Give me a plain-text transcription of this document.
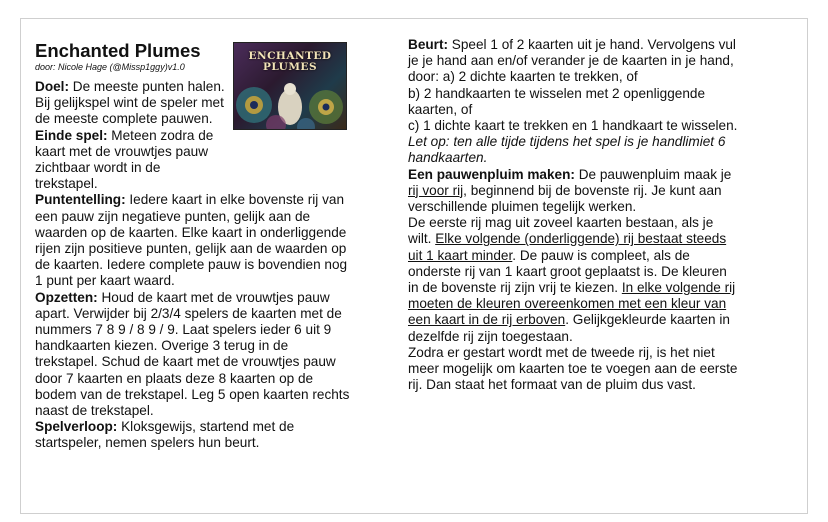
ENCHANTED
PLUMES
Enchanted Plumes
door: Nicole Hage (@Missp1ggy)v1.0

Doel: De meeste punten halen. Bij gelijkspel wint de speler met de meeste complete pauwen. Einde spel: Meteen zodra de kaart met de vrouwtjes pauw zichtbaar wordt in de trekstapel.

Puntentelling: Iedere kaart in elke bovenste rij van een pauw zijn negatieve punten, gelijk aan de waarden op de kaarten. Elke kaart in onderliggende rijen zijn positieve punten, gelijk aan de waarden op de kaarten. Iedere complete pauw is bovendien nog 1 punt per kaart waard.

Opzetten: Houd de kaart met de vrouwtjes pauw apart. Verwijder bij 2/3/4 spelers de kaarten met de nummers 7 8 9 / 8 9 / 9. Laat spelers ieder 6 uit 9 handkaarten kiezen. Overige 3 terug in de trekstapel. Schud de kaart met de vrouwtjes pauw door 7 kaarten en plaats deze 8 kaarten op de bodem van de trekstapel. Leg 5 open kaarten rechts naast de trekstapel.

Spelverloop: Kloksgewijs, startend met de startspeler, nemen spelers hun beurt.

Beurt: Speel 1 of 2 kaarten uit je hand. Vervolgens vul je je hand aan en/of verander je de kaarten in je hand, door: a) 2 dichte kaarten te trekken, of

b) 2 handkaarten te wisselen met 2 openliggende kaarten, of

c) 1 dichte kaart te trekken en 1 handkaart te wisselen.

Let op: ten alle tijde tijdens het spel is je handlimiet 6 handkaarten.

Een pauwenpluim maken: De pauwenpluim maak je rij voor rij, beginnend bij de bovenste rij. Je kunt aan verschillende pluimen tegelijk werken.

De eerste rij mag uit zoveel kaarten bestaan, als je wilt. Elke volgende (onderliggende) rij bestaat steeds uit 1 kaart minder. De pauw is compleet, als de onderste rij van 1 kaart groot geplaatst is. De kleuren in de bovenste rij zijn vrij te kiezen. In elke volgende rij moeten de kleuren overeenkomen met een kleur van een kaart in de rij erboven. Gelijkgekleurde kaarten in dezelfde rij zijn toegestaan.

Zodra er gestart wordt met de tweede rij, is het niet meer mogelijk om kaarten toe te voegen aan de eerste rij. Dan staat het formaat van de pluim dus vast.
